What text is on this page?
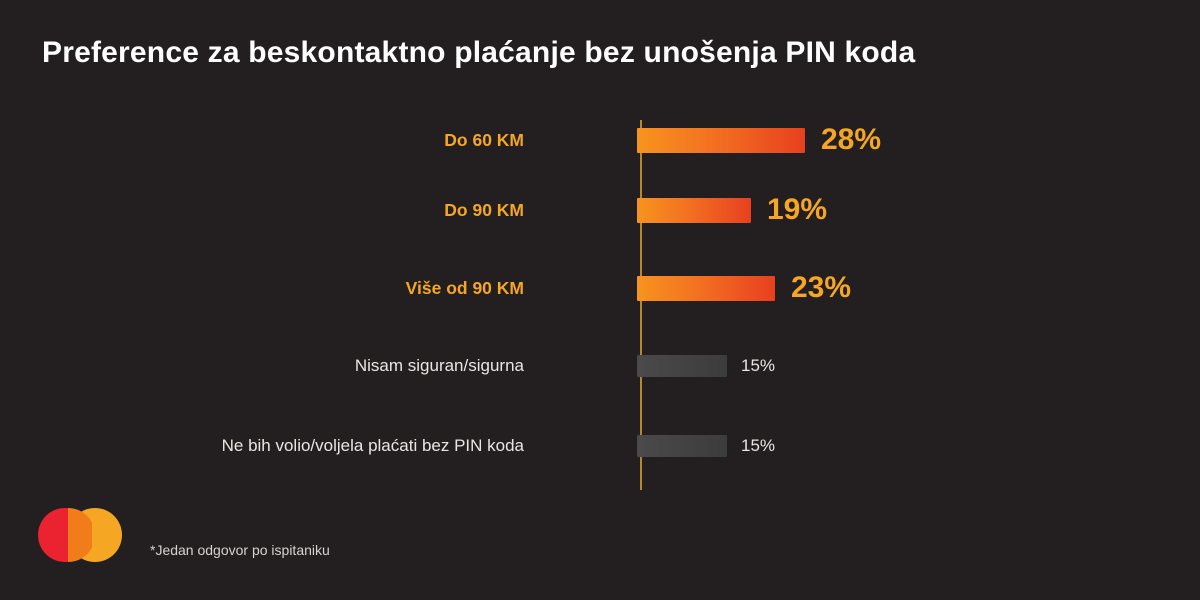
Preference za beskontaktno plaćanje bez unošenja PIN koda
Do 60 KM	28%
Do 90 KM	19%
Više od 90 KM	23%
Nisam siguran/sigurna	15%
Ne bih volio/voljela plaćati bez PIN koda	15%
*Jedan odgovor po ispitaniku
